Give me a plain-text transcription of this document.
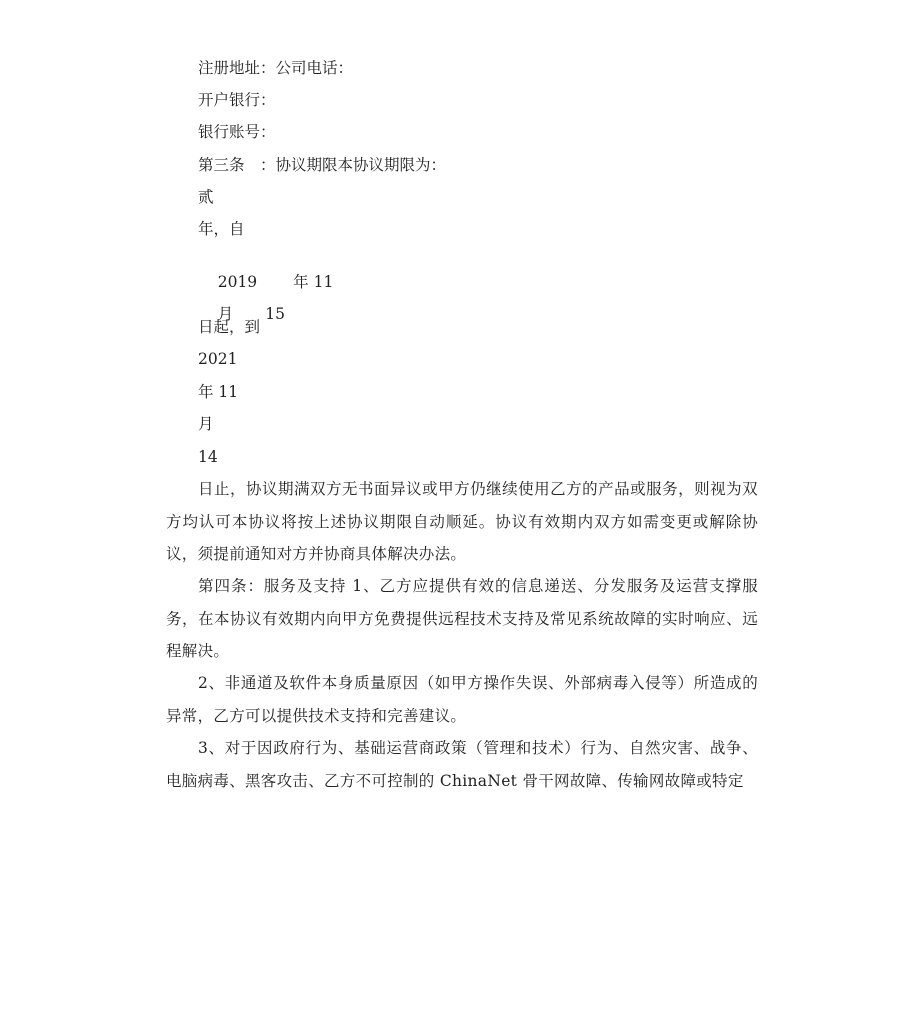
注册地址：公司电话：
开户银行：
银行账号：
第三条　：协议期限本协议期限为：
贰
年，自

2019 年 11

月 15

日起，到
2021
年 11
月
14

日止，协议期满双方无书面异议或甲方仍继续使用乙方的产品或服务，则视为双方均认可本协议将按上述协议期限自动顺延。协议有效期内双方如需变更或解除协议，须提前通知对方并协商具体解决办法。

第四条：服务及支持 1、乙方应提供有效的信息递送、分发服务及运营支撑服务，在本协议有效期内向甲方免费提供远程技术支持及常见系统故障的实时响应、远程解决。

2、非通道及软件本身质量原因（如甲方操作失误、外部病毒入侵等）所造成的异常，乙方可以提供技术支持和完善建议。

3、对于因政府行为、基础运营商政策（管理和技术）行为、自然灾害、战争、电脑病毒、黑客攻击、乙方不可控制的 ChinaNet 骨干网故障、传输网故障或特定
